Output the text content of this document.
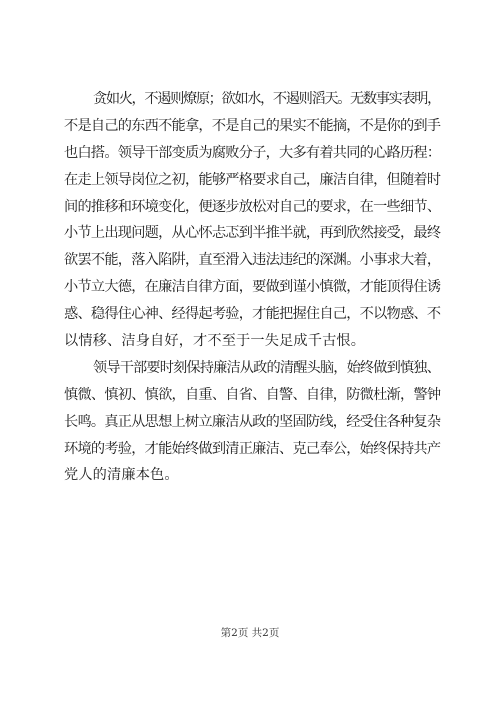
贪如火，不遏则燎原；欲如水，不遏则滔天。无数事实表明，
不是自己的东西不能拿，不是自己的果实不能摘，不是你的到手
也白搭。领导干部变质为腐败分子，大多有着共同的心路历程：
在走上领导岗位之初，能够严格要求自己，廉洁自律，但随着时
间的推移和环境变化，便逐步放松对自己的要求，在一些细节、
小节上出现问题，从心怀忐忑到半推半就，再到欣然接受，最终
欲罢不能，落入陷阱，直至滑入违法违纪的深渊。小事求大着，
小节立大德，在廉洁自律方面，要做到谨小慎微，才能顶得住诱
惑、稳得住心神、经得起考验，才能把握住自己，不以物惑、不
以情移、洁身自好，才不至于一失足成千古恨。
领导干部要时刻保持廉洁从政的清醒头脑，始终做到慎独、
慎微、慎初、慎欲，自重、自省、自警、自律，防微杜渐，警钟
长鸣。真正从思想上树立廉洁从政的坚固防线，经受住各种复杂
环境的考验，才能始终做到清正廉洁、克己奉公，始终保持共产
党人的清廉本色。
第2页 共2页
